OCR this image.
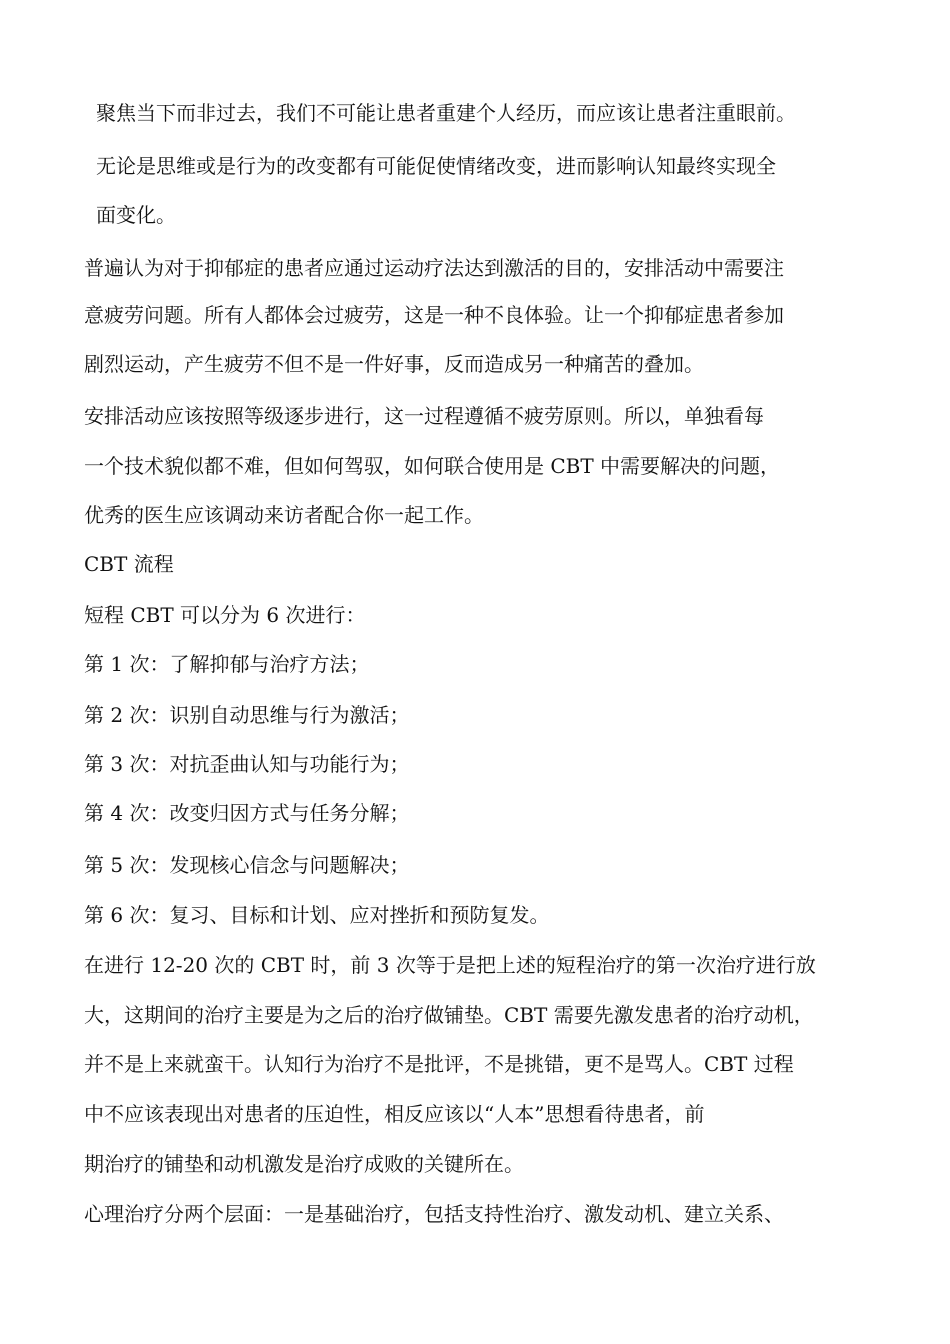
聚焦当下而非过去，我们不可能让患者重建个人经历，而应该让患者注重眼前。
无论是思维或是行为的改变都有可能促使情绪改变，进而影响认知最终实现全
面变化。
普遍认为对于抑郁症的患者应通过运动疗法达到激活的目的，安排活动中需要注
意疲劳问题。所有人都体会过疲劳，这是一种不良体验。让一个抑郁症患者参加
剧烈运动，产生疲劳不但不是一件好事，反而造成另一种痛苦的叠加。
安排活动应该按照等级逐步进行，这一过程遵循不疲劳原则。所以，单独看每
一个技术貌似都不难，但如何驾驭，如何联合使用是 CBT 中需要解决的问题，
优秀的医生应该调动来访者配合你一起工作。
CBT 流程
短程 CBT 可以分为 6 次进行：
第 1 次：了解抑郁与治疗方法；
第 2 次：识别自动思维与行为激活；
第 3 次：对抗歪曲认知与功能行为；
第 4 次：改变归因方式与任务分解；
第 5 次：发现核心信念与问题解决；
第 6 次：复习、目标和计划、应对挫折和预防复发。
在进行 12-20 次的 CBT 时，前 3 次等于是把上述的短程治疗的第一次治疗进行放
大，这期间的治疗主要是为之后的治疗做铺垫。CBT 需要先激发患者的治疗动机，
并不是上来就蛮干。认知行为治疗不是批评，不是挑错，更不是骂人。CBT 过程
中不应该表现出对患者的压迫性，相反应该以“人本”思想看待患者，前
期治疗的铺垫和动机激发是治疗成败的关键所在。
心理治疗分两个层面：一是基础治疗，包括支持性治疗、激发动机、建立关系、
